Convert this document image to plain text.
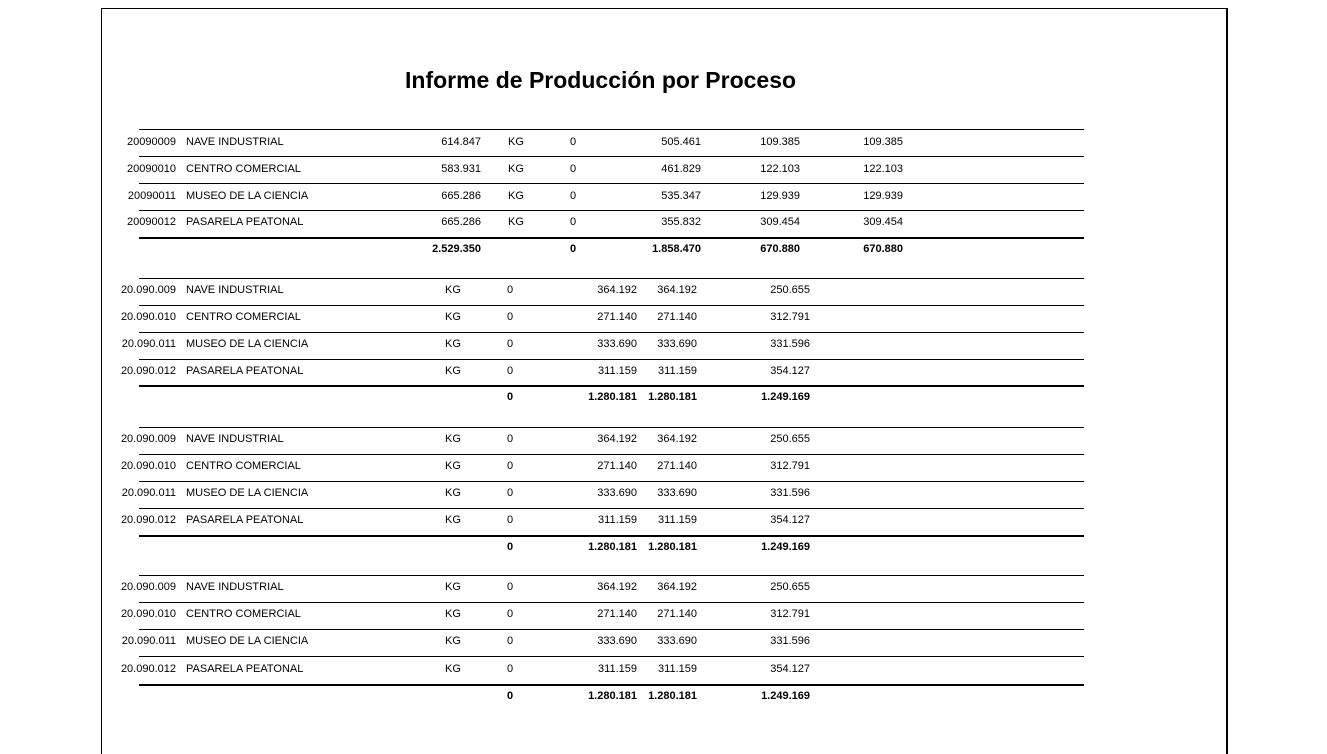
Informe de Producción por Proceso
20090009 NAVE INDUSTRIAL	614.847 KG	0	505.461	109.385	109.385
20090010 CENTRO COMERCIAL	583.931 KG	0	461.829	122.103	122.103
20090011 MUSEO DE LA CIENCIA	665.286 KG	0	535.347	129.939	129.939
20090012 PASARELA PEATONAL	665.286 KG	0	355.832	309.454	309.454
2.529.350	0	1.858.470	670.880	670.880
20.090.009 NAVE INDUSTRIAL	KG	0	364.192 364.192	250.655
20.090.010 CENTRO COMERCIAL	KG	0	271.140 271.140	312.791
20.090.011 MUSEO DE LA CIENCIA	KG	0	333.690 333.690	331.596
20.090.012 PASARELA PEATONAL	KG	0	311.159 311.159	354.127
0	1.280.181 1.280.181	1.249.169
20.090.009 NAVE INDUSTRIAL	KG	0	364.192 364.192	250.655
20.090.010 CENTRO COMERCIAL	KG	0	271.140 271.140	312.791
20.090.011 MUSEO DE LA CIENCIA	KG	0	333.690 333.690	331.596
20.090.012 PASARELA PEATONAL	KG	0	311.159 311.159	354.127
0	1.280.181 1.280.181	1.249.169
20.090.009 NAVE INDUSTRIAL	KG	0	364.192 364.192	250.655
20.090.010 CENTRO COMERCIAL	KG	0	271.140 271.140	312.791
20.090.011 MUSEO DE LA CIENCIA	KG	0	333.690 333.690	331.596
20.090.012 PASARELA PEATONAL	KG	0	311.159 311.159	354.127
0	1.280.181 1.280.181	1.249.169
